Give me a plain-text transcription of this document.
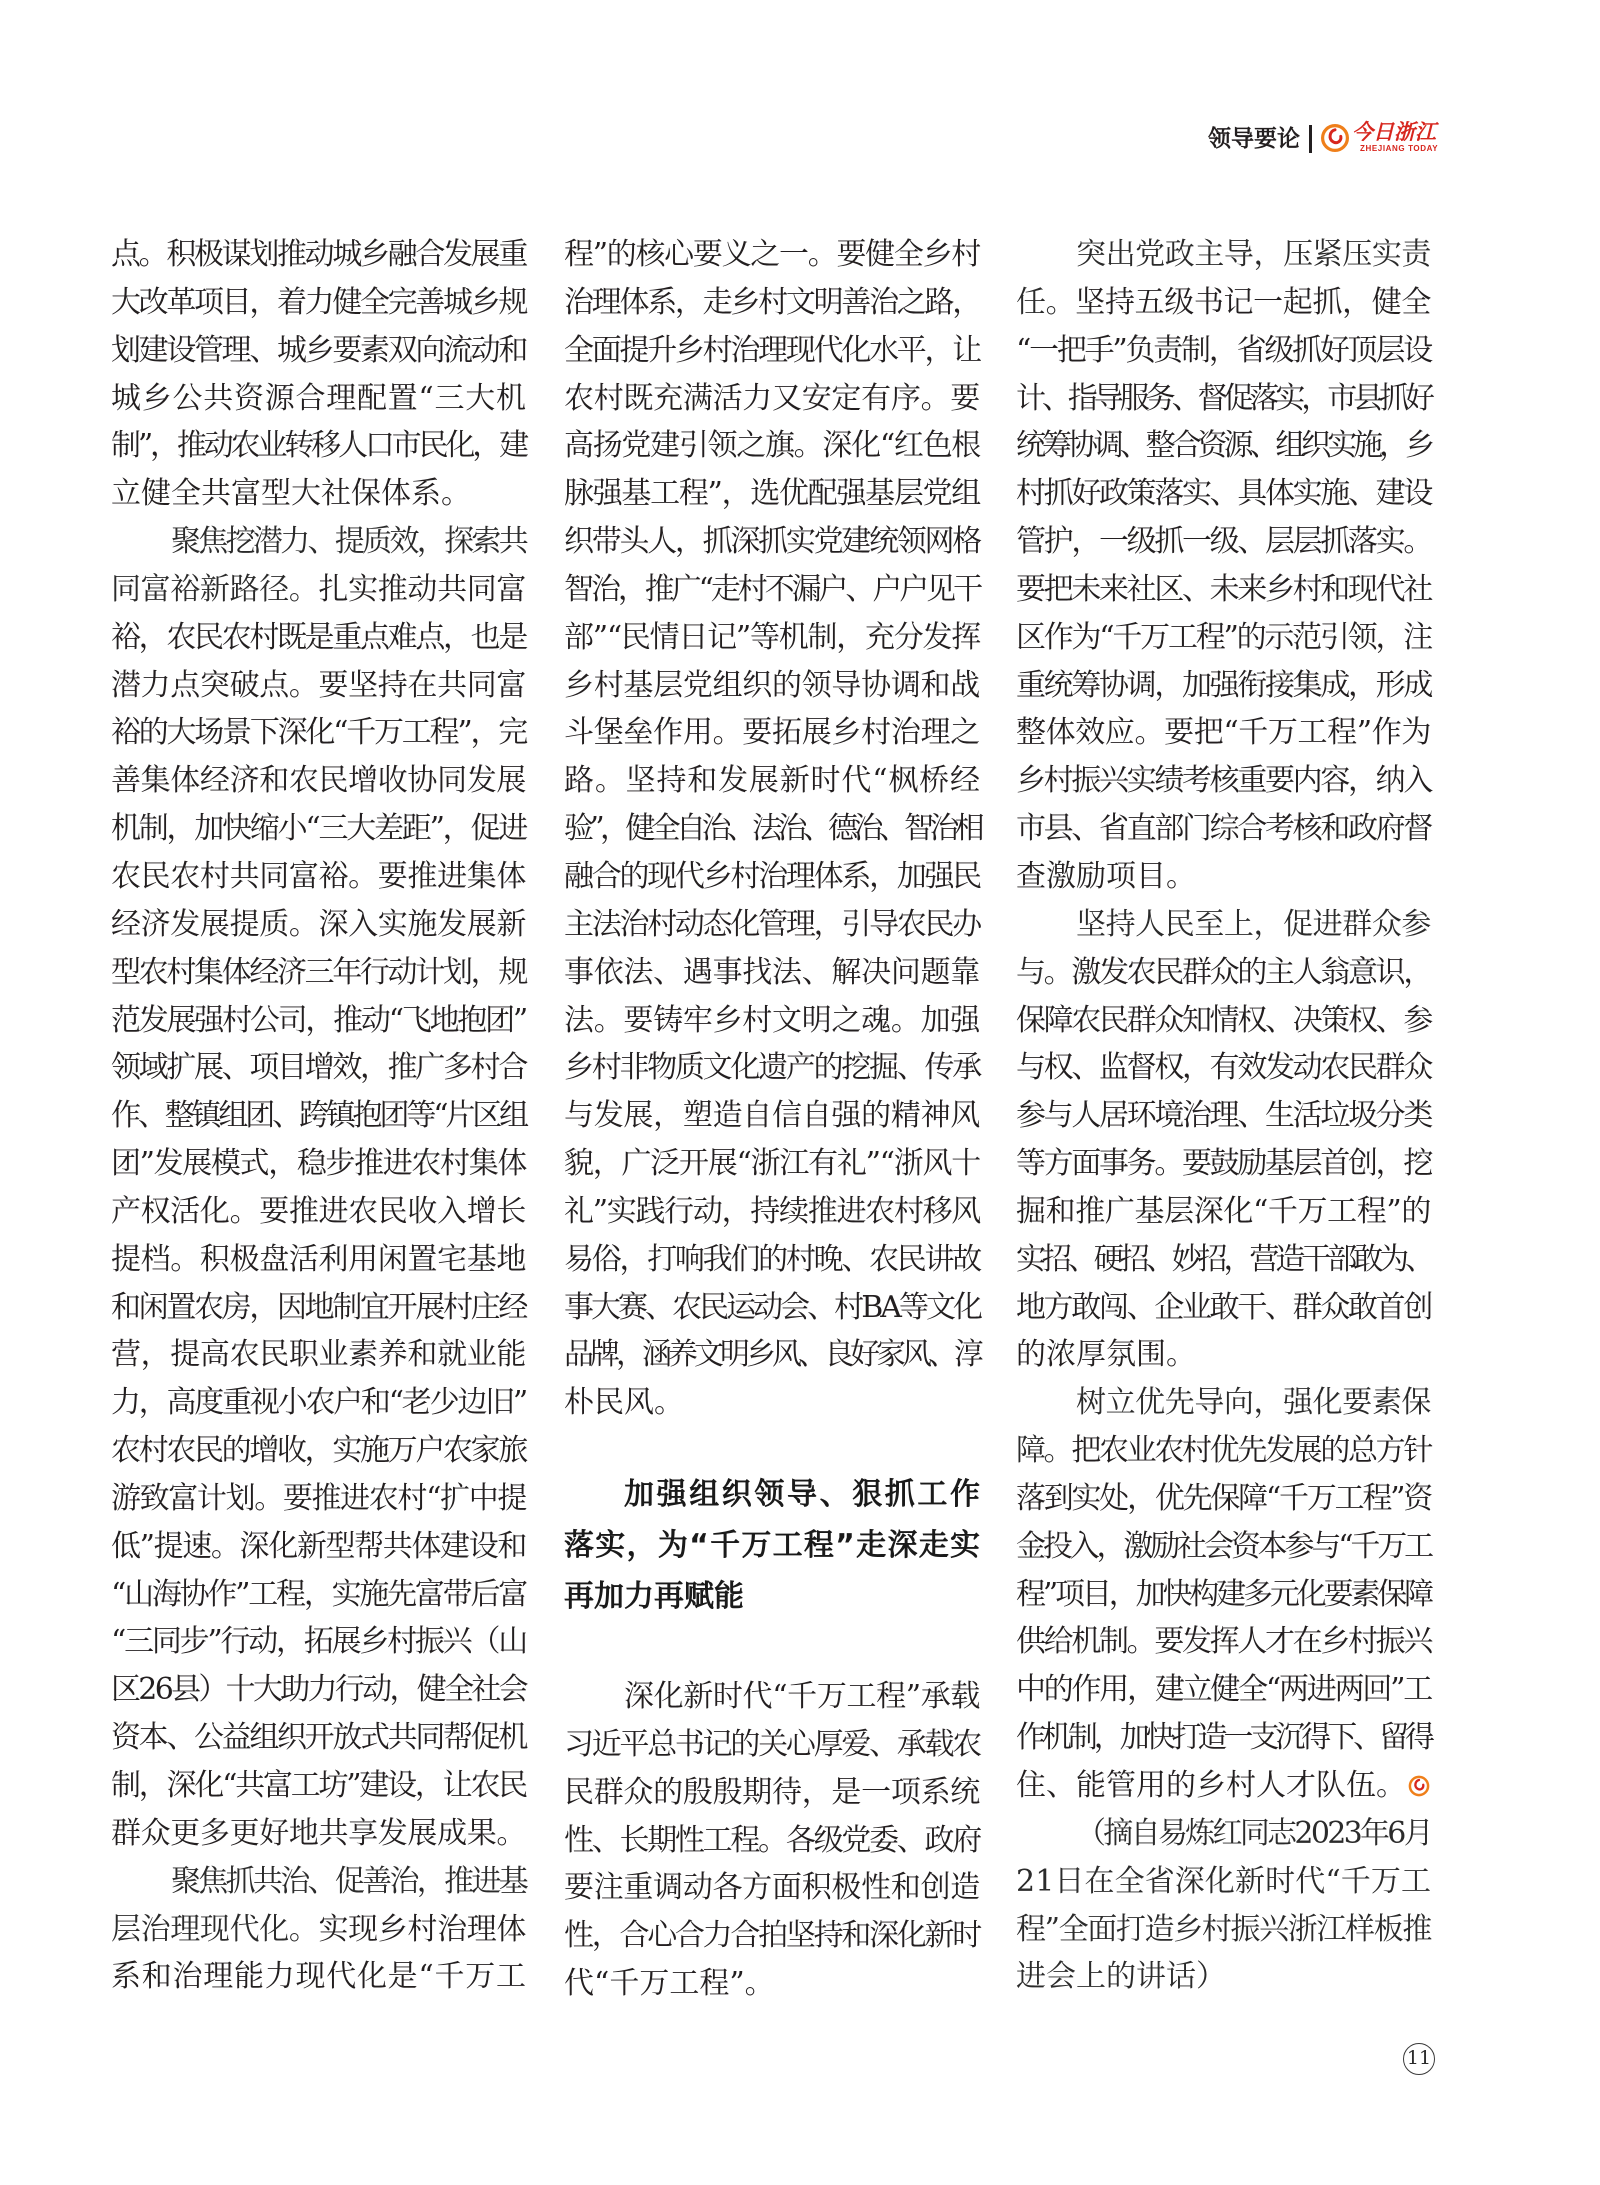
领导要论 今日浙江
ZHEJIANG TODAY
点。积极谋划推动城乡融合发展重
大改革项目，着力健全完善城乡规
划建设管理、城乡要素双向流动和
城乡公共资源合理配置“三大机
制”，推动农业转移人口市民化，建
立健全共富型大社保体系。
聚焦挖潜力、提质效，探索共
同富裕新路径。扎实推动共同富
裕，农民农村既是重点难点，也是
潜力点突破点。要坚持在共同富
裕的大场景下深化“千万工程”，完
善集体经济和农民增收协同发展
机制，加快缩小“三大差距”，促进
农民农村共同富裕。要推进集体
经济发展提质。深入实施发展新
型农村集体经济三年行动计划，规
范发展强村公司，推动“飞地抱团”
领域扩展、项目增效，推广多村合
作、整镇组团、跨镇抱团等“片区组
团”发展模式，稳步推进农村集体
产权活化。要推进农民收入增长
提档。积极盘活利用闲置宅基地
和闲置农房，因地制宜开展村庄经
营，提高农民职业素养和就业能
力，高度重视小农户和“老少边旧”
农村农民的增收，实施万户农家旅
游致富计划。要推进农村“扩中提
低”提速。深化新型帮共体建设和
“山海协作”工程，实施先富带后富
“三同步”行动，拓展乡村振兴（山
区26县）十大助力行动，健全社会
资本、公益组织开放式共同帮促机
制，深化“共富工坊”建设，让农民
群众更多更好地共享发展成果。
聚焦抓共治、促善治，推进基
层治理现代化。实现乡村治理体
系和治理能力现代化是“千万工
程”的核心要义之一。要健全乡村
治理体系，走乡村文明善治之路，
全面提升乡村治理现代化水平，让
农村既充满活力又安定有序。要
高扬党建引领之旗。深化“红色根
脉强基工程”，选优配强基层党组
织带头人，抓深抓实党建统领网格
智治，推广“走村不漏户、户户见干
部”“民情日记”等机制，充分发挥
乡村基层党组织的领导协调和战
斗堡垒作用。要拓展乡村治理之
路。坚持和发展新时代“枫桥经
验”，健全自治、法治、德治、智治相
融合的现代乡村治理体系，加强民
主法治村动态化管理，引导农民办
事依法、遇事找法、解决问题靠
法。要铸牢乡村文明之魂。加强
乡村非物质文化遗产的挖掘、传承
与发展，塑造自信自强的精神风
貌，广泛开展“浙江有礼”“浙风十
礼”实践行动，持续推进农村移风
易俗，打响我们的村晚、农民讲故
事大赛、农民运动会、村BA等文化
品牌，涵养文明乡风、良好家风、淳
朴民风。
加强组织领导、狠抓工作
落实，为“千万工程”走深走实
再加力再赋能
深化新时代“千万工程”承载
习近平总书记的关心厚爱、承载农
民群众的殷殷期待，是一项系统
性、长期性工程。各级党委、政府
要注重调动各方面积极性和创造
性，合心合力合拍坚持和深化新时
代“千万工程”。
突出党政主导，压紧压实责
任。坚持五级书记一起抓，健全
“一把手”负责制，省级抓好顶层设
计、指导服务、督促落实，市县抓好
统筹协调、整合资源、组织实施，乡
村抓好政策落实、具体实施、建设
管护，一级抓一级、层层抓落实。
要把未来社区、未来乡村和现代社
区作为“千万工程”的示范引领，注
重统筹协调，加强衔接集成，形成
整体效应。要把“千万工程”作为
乡村振兴实绩考核重要内容，纳入
市县、省直部门综合考核和政府督
查激励项目。
坚持人民至上，促进群众参
与。激发农民群众的主人翁意识，
保障农民群众知情权、决策权、参
与权、监督权，有效发动农民群众
参与人居环境治理、生活垃圾分类
等方面事务。要鼓励基层首创，挖
掘和推广基层深化“千万工程”的
实招、硬招、妙招，营造干部敢为、
地方敢闯、企业敢干、群众敢首创
的浓厚氛围。
树立优先导向，强化要素保
障。把农业农村优先发展的总方针
落到实处，优先保障“千万工程”资
金投入，激励社会资本参与“千万工
程”项目，加快构建多元化要素保障
供给机制。要发挥人才在乡村振兴
中的作用，建立健全“两进两回”工
作机制，加快打造一支沉得下、留得
住、能管用的乡村人才队伍。
（摘自易炼红同志2023年6月
21日在全省深化新时代“千万工
程”全面打造乡村振兴浙江样板推
进会上的讲话）
11
